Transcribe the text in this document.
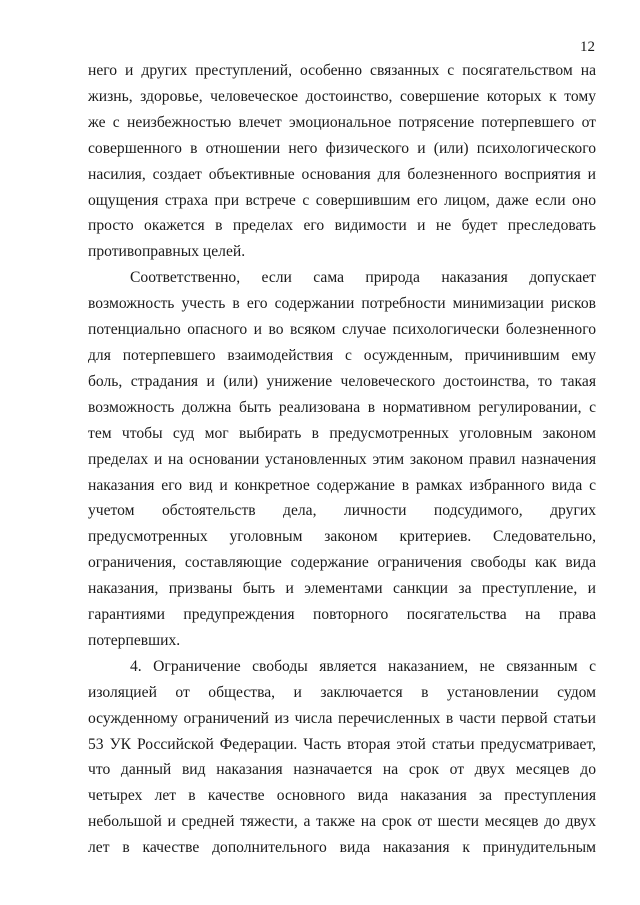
12

него и других преступлений, особенно связанных с посягательством на
жизнь, здоровье, человеческое достоинство, совершение которых к тому
же с неизбежностью влечет эмоциональное потрясение потерпевшего от
совершенного в отношении него физического и (или) психологического
насилия, создает объективные основания для болезненного восприятия и
ощущения страха при встрече с совершившим его лицом, даже если оно
просто окажется в пределах его видимости и не будет преследовать
противоправных целей.

Соответственно, если сама природа наказания допускает
возможность учесть в его содержании потребности минимизации рисков
потенциально опасного и во всяком случае психологически болезненного
для потерпевшего взаимодействия с осужденным, причинившим ему
боль, страдания и (или) унижение человеческого достоинства, то такая
возможность должна быть реализована в нормативном регулировании, с
тем чтобы суд мог выбирать в предусмотренных уголовным законом
пределах и на основании установленных этим законом правил назначения
наказания его вид и конкретное содержание в рамках избранного вида с
учетом обстоятельств дела, личности подсудимого, других
предусмотренных уголовным законом критериев. Следовательно,
ограничения, составляющие содержание ограничения свободы как вида
наказания, призваны быть и элементами санкции за преступление, и
гарантиями предупреждения повторного посягательства на права
потерпевших.

4. Ограничение свободы является наказанием, не связанным с
изоляцией от общества, и заключается в установлении судом
осужденному ограничений из числа перечисленных в части первой статьи
53 УК Российской Федерации. Часть вторая этой статьи предусматривает,
что данный вид наказания назначается на срок от двух месяцев до
четырех лет в качестве основного вида наказания за преступления
небольшой и средней тяжести, а также на срок от шести месяцев до двух
лет в качестве дополнительного вида наказания к принудительным
